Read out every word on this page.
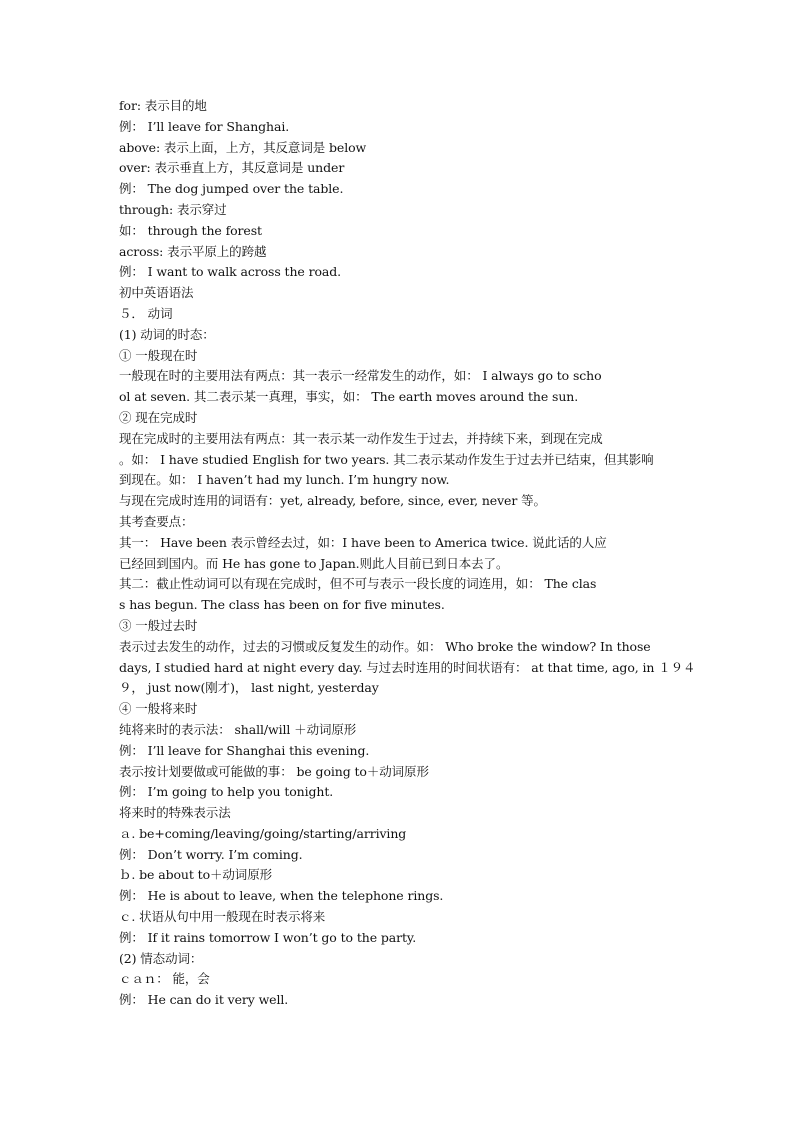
for: 表示目的地
例： I’ll leave for Shanghai.
above: 表示上面，上方，其反意词是 below
over: 表示垂直上方，其反意词是 under
例： The dog jumped over the table.
through: 表示穿过
如： through the forest
across: 表示平原上的跨越
例： I want to walk across the road.
初中英语语法
５． 动词
(1) 动词的时态：
① 一般现在时
一般现在时的主要用法有两点：其一表示一经常发生的动作，如： I always go to scho
ol at seven. 其二表示某一真理，事实，如： The earth moves around the sun.
② 现在完成时
现在完成时的主要用法有两点：其一表示某一动作发生于过去，并持续下来，到现在完成
。如： I have studied English for two years. 其二表示某动作发生于过去并已结束，但其影响
到现在。如： I haven’t had my lunch. I’m hungry now.
与现在完成时连用的词语有：yet, already, before, since, ever, never 等。
其考查要点：
其一： Have been 表示曾经去过，如：I have been to America twice. 说此话的人应
已经回到国内。而 He has gone to Japan.则此人目前已到日本去了。
其二：截止性动词可以有现在完成时，但不可与表示一段长度的词连用，如： The clas
s has begun. The class has been on for five minutes.
③ 一般过去时
表示过去发生的动作，过去的习惯或反复发生的动作。如： Who broke the window? In those
days, I studied hard at night every day. 与过去时连用的时间状语有： at that time, ago, in １９４
９， just now(刚才)， last night, yesterday
④ 一般将来时
纯将来时的表示法： shall/will ＋动词原形
例： I’ll leave for Shanghai this evening.
表示按计划要做或可能做的事： be going to＋动词原形
例： I’m going to help you tonight.
将来时的特殊表示法
ａ. be+coming/leaving/going/starting/arriving
例： Don’t worry. I’m coming.
ｂ. be about to＋动词原形
例： He is about to leave, when the telephone rings.
ｃ. 状语从句中用一般现在时表示将来
例： If it rains tomorrow I won’t go to the party.
(2) 情态动词：
ｃａｎ： 能，会
例： He can do it very well.
